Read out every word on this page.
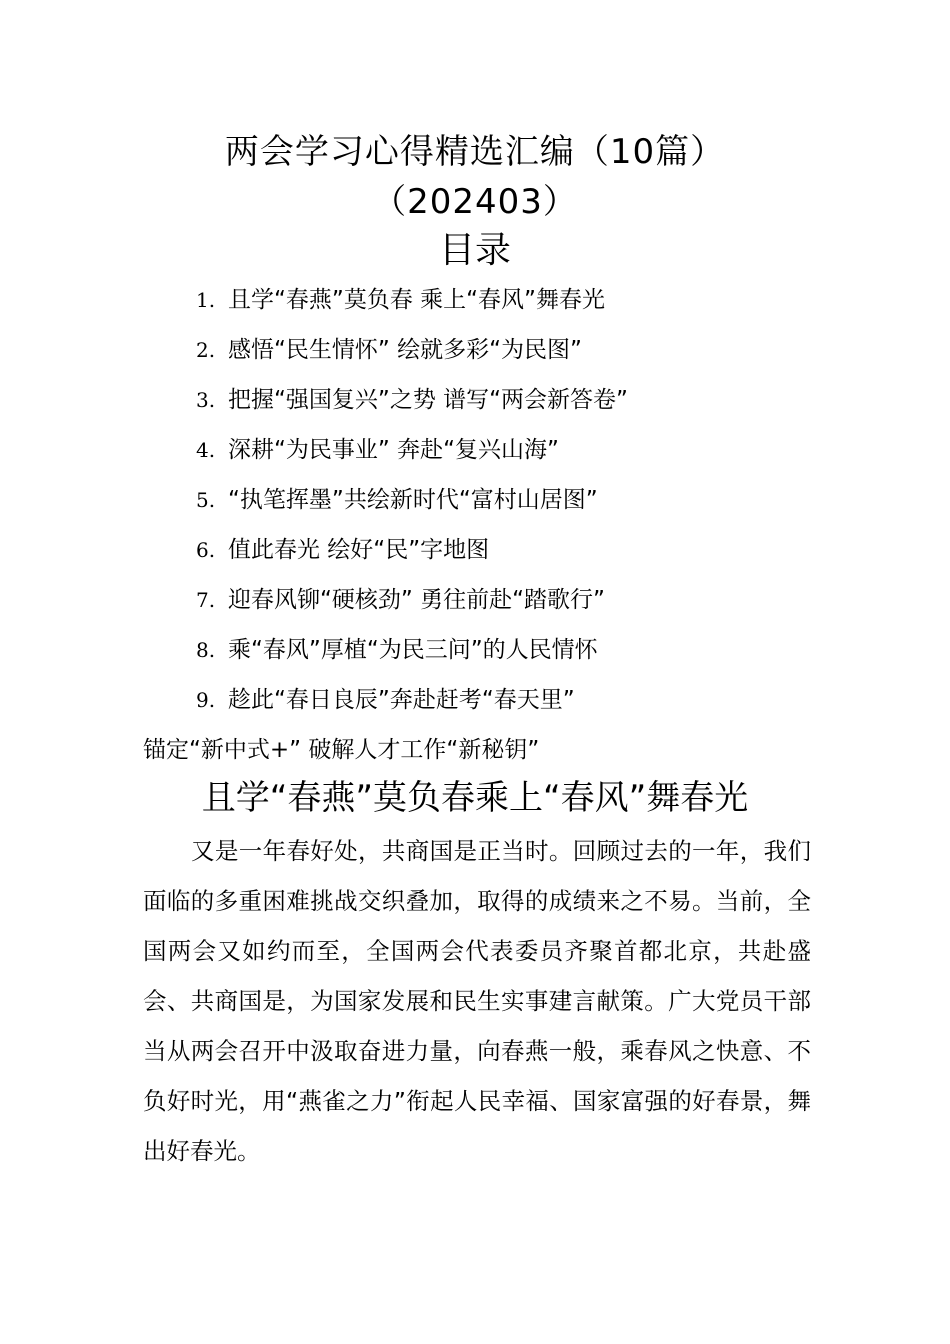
两会学习心得精选汇编（10篇）
（202403）
目录
1. 且学“春燕”莫负春 乘上“春风”舞春光
2. 感悟“民生情怀” 绘就多彩“为民图”
3. 把握“强国复兴”之势 谱写“两会新答卷”
4. 深耕“为民事业” 奔赴“复兴山海”
5. “执笔挥墨”共绘新时代“富村山居图”
6. 值此春光 绘好“民”字地图
7. 迎春风铆“硬核劲” 勇往前赴“踏歌行”
8. 乘“春风”厚植“为民三问”的人民情怀
9. 趁此“春日良辰”奔赴赶考“春天里”
锚定“新中式+” 破解人才工作“新秘钥”
且学“春燕”莫负春乘上“春风”舞春光

又是一年春好处，共商国是正当时。回顾过去的一年，我们面临的多重困难挑战交织叠加，取得的成绩来之不易。当前，全国两会又如约而至，全国两会代表委员齐聚首都北京，共赴盛会、共商国是，为国家发展和民生实事建言献策。广大党员干部当从两会召开中汲取奋进力量，向春燕一般，乘春风之快意、不负好时光，用“燕雀之力”衔起人民幸福、国家富强的好春景，舞出好春光。
